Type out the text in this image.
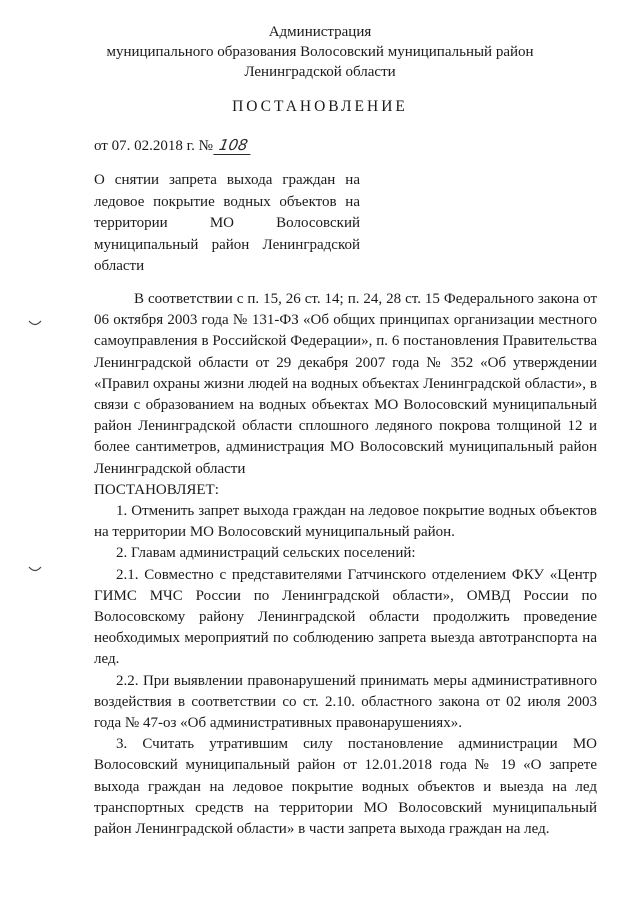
Администрация
муниципального образования Волосовский муниципальный район
Ленинградской области
ПОСТАНОВЛЕНИЕ
от 07. 02.2018 г. № 108
О снятии запрета выхода граждан на ледовое покрытие водных объектов на территории МО Волосовский муниципальный район Ленинградской области

В соответствии с п. 15, 26 ст. 14; п. 24, 28 ст. 15 Федерального закона от 06 октября 2003 года № 131-ФЗ «Об общих принципах организации местного самоуправления в Российской Федерации», п. 6 постановления Правительства Ленинградской области от 29 декабря 2007 года № 352 «Об утверждении «Правил охраны жизни людей на водных объектах Ленинградской области», в связи с образованием на водных объектах МО Волосовский муниципальный район Ленинградской области сплошного ледяного покрова толщиной 12 и более сантиметров, администрация МО Волосовский муниципальный район Ленинградской области

ПОСТАНОВЛЯЕТ:

1. Отменить запрет выхода граждан на ледовое покрытие водных объектов на территории МО Волосовский муниципальный район.

2. Главам администраций сельских поселений:

2.1. Совместно с представителями Гатчинского отделением ФКУ «Центр ГИМС МЧС России по Ленинградской области», ОМВД России по Волосовскому району Ленинградской области продолжить проведение необходимых мероприятий по соблюдению запрета выезда автотранспорта на лед.

2.2. При выявлении правонарушений принимать меры административного воздействия в соответствии со ст. 2.10. областного закона от 02 июля 2003 года № 47-оз «Об административных правонарушениях».

3. Считать утратившим силу постановление администрации МО Волосовский муниципальный район от 12.01.2018 года № 19 «О запрете выхода граждан на ледовое покрытие водных объектов и выезда на лед транспортных средств на территории МО Волосовский муниципальный район Ленинградской области» в части запрета выхода граждан на лед.
